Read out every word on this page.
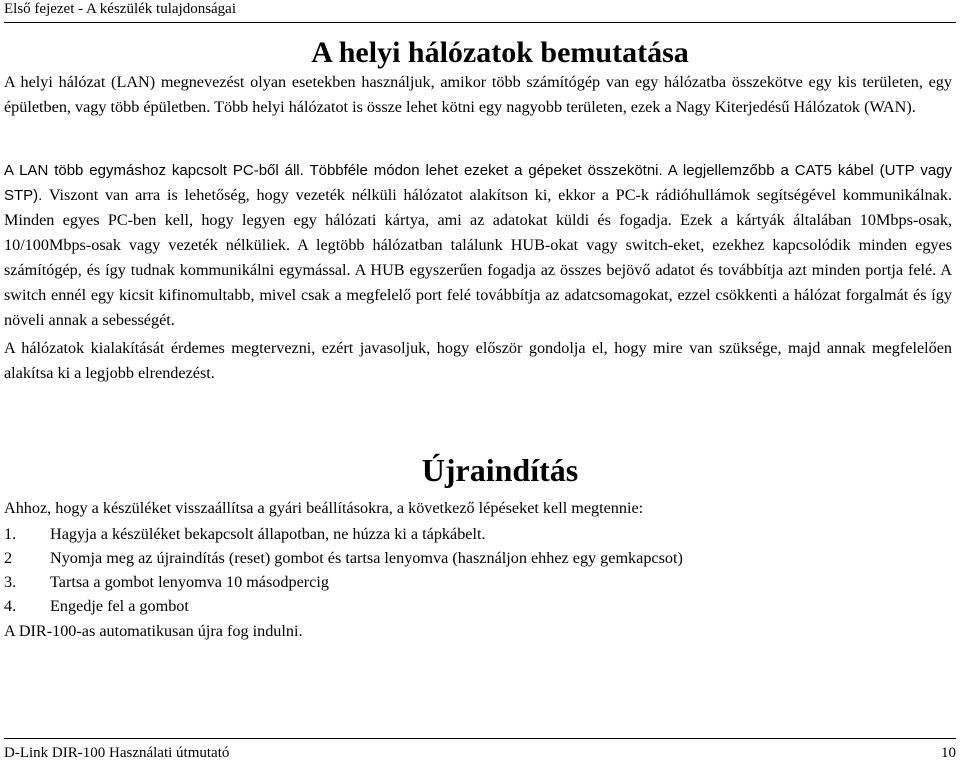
Első fejezet - A készülék tulajdonságai
A helyi hálózatok bemutatása
A helyi hálózat (LAN) megnevezést olyan esetekben használjuk, amikor több számítógép van egy hálózatba összekötve egy kis területen, egy épületben, vagy több épületben. Több helyi hálózatot is össze lehet kötni egy nagyobb területen, ezek a Nagy Kiterjedésű Hálózatok (WAN).
A LAN több egymáshoz kapcsolt PC-ből áll. Többféle módon lehet ezeket a gépeket összekötni. A legjellemzőbb a CAT5 kábel (UTP vagy STP). Viszont van arra is lehetőség, hogy vezeték nélküli hálózatot alakítson ki, ekkor a PC-k rádióhullámok segítségével kommunikálnak. Minden egyes PC-ben kell, hogy legyen egy hálózati kártya, ami az adatokat küldi és fogadja. Ezek a kártyák általában 10Mbps-osak, 10/100Mbps-osak vagy vezeték nélküliek. A legtöbb hálózatban találunk HUB-okat vagy switch-eket, ezekhez kapcsolódik minden egyes számítógép, és így tudnak kommunikálni egymással. A HUB egyszerűen fogadja az összes bejövő adatot és továbbítja azt minden portja felé. A switch ennél egy kicsit kifinomultabb, mivel csak a megfelelő port felé továbbítja az adatcsomagokat, ezzel csökkenti a hálózat forgalmát és így növeli annak a sebességét.
A hálózatok kialakítását érdemes megtervezni, ezért javasoljuk, hogy először gondolja el, hogy mire van szüksége, majd annak megfelelően alakítsa ki a legjobb elrendezést.
Újraindítás
Ahhoz, hogy a készüléket visszaállítsa a gyári beállításokra, a következő lépéseket kell megtennie:
1. Hagyja a készüléket bekapcsolt állapotban, ne húzza ki a tápkábelt.
2 Nyomja meg az újraindítás (reset) gombot és tartsa lenyomva (használjon ehhez egy gemkapcsot)
3. Tartsa a gombot lenyomva 10 másodpercig
4. Engedje fel a gombot
A DIR-100-as automatikusan újra fog indulni.
D-Link DIR-100 Használati útmutató	10
